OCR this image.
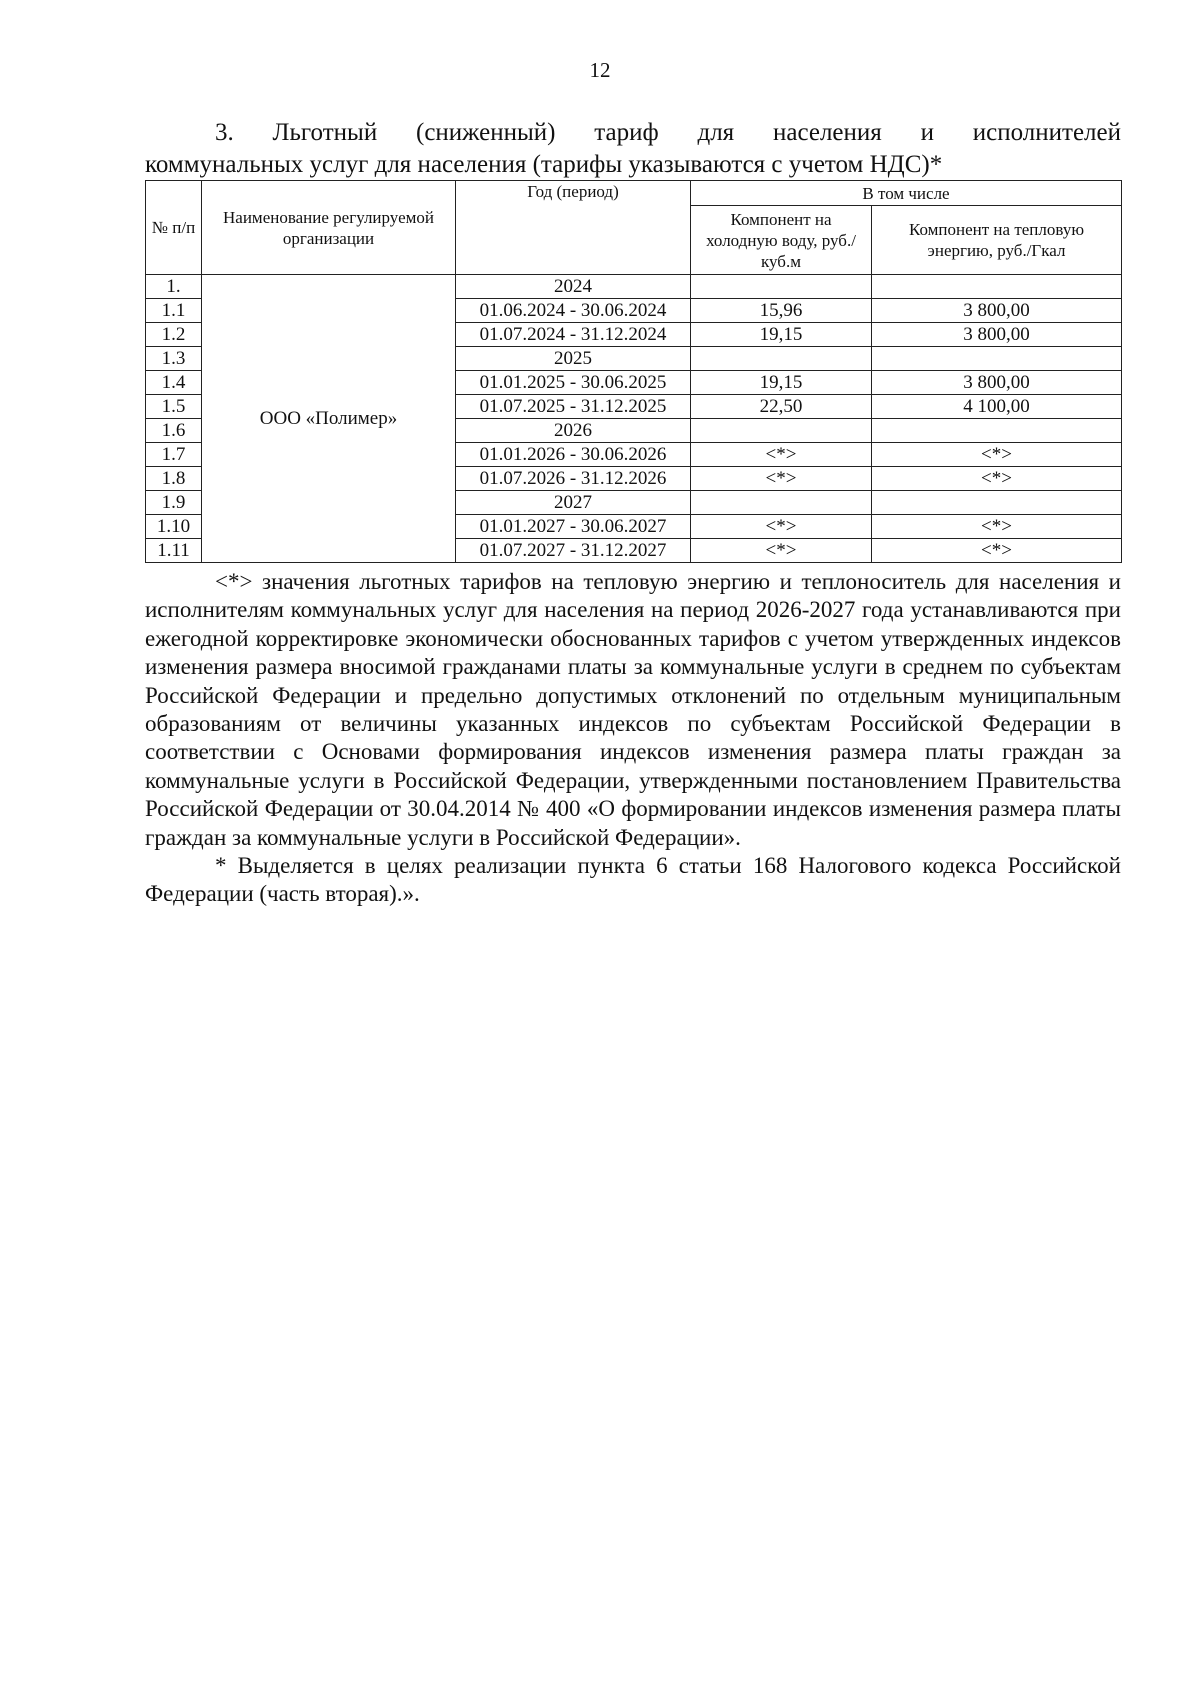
12
3. Льготный (сниженный) тариф для населения и исполнителей
коммунальных услуг для населения (тарифы указываются с учетом НДС)*
№ п/п	Наименование регулируемой организации	Год (период)	В том числе	
			Компонент на холодную воду, руб./куб.м	Компонент на тепловую энергию, руб./Гкал
1.	ООО «Полимер»	2024		
1.1		01.06.2024 - 30.06.2024	15,96	3 800,00
1.2		01.07.2024 - 31.12.2024	19,15	3 800,00
1.3		2025		
1.4		01.01.2025 - 30.06.2025	19,15	3 800,00
1.5		01.07.2025 - 31.12.2025	22,50	4 100,00
1.6		2026		
1.7		01.01.2026 - 30.06.2026	<*>	<*>
1.8		01.07.2026 - 31.12.2026	<*>	<*>
1.9		2027		
1.10		01.01.2027 - 30.06.2027	<*>	<*>
1.11		01.07.2027 - 31.12.2027	<*>	<*>

<*> значения льготных тарифов на тепловую энергию и теплоноситель для населения и исполнителям коммунальных услуг для населения на период 2026-2027 года устанавливаются при ежегодной корректировке экономически обоснованных тарифов с учетом утвержденных индексов изменения размера вносимой гражданами платы за коммунальные услуги в среднем по субъектам Российской Федерации и предельно допустимых отклонений по отдельным муниципальным образованиям от величины указанных индексов по субъектам Российской Федерации в соответствии с Основами формирования индексов изменения размера платы граждан за коммунальные услуги в Российской Федерации, утвержденными постановлением Правительства Российской Федерации от 30.04.2014 № 400 «О формировании индексов изменения размера платы граждан за коммунальные услуги в Российской Федерации».

* Выделяется в целях реализации пункта 6 статьи 168 Налогового кодекса Российской Федерации (часть вторая).».
